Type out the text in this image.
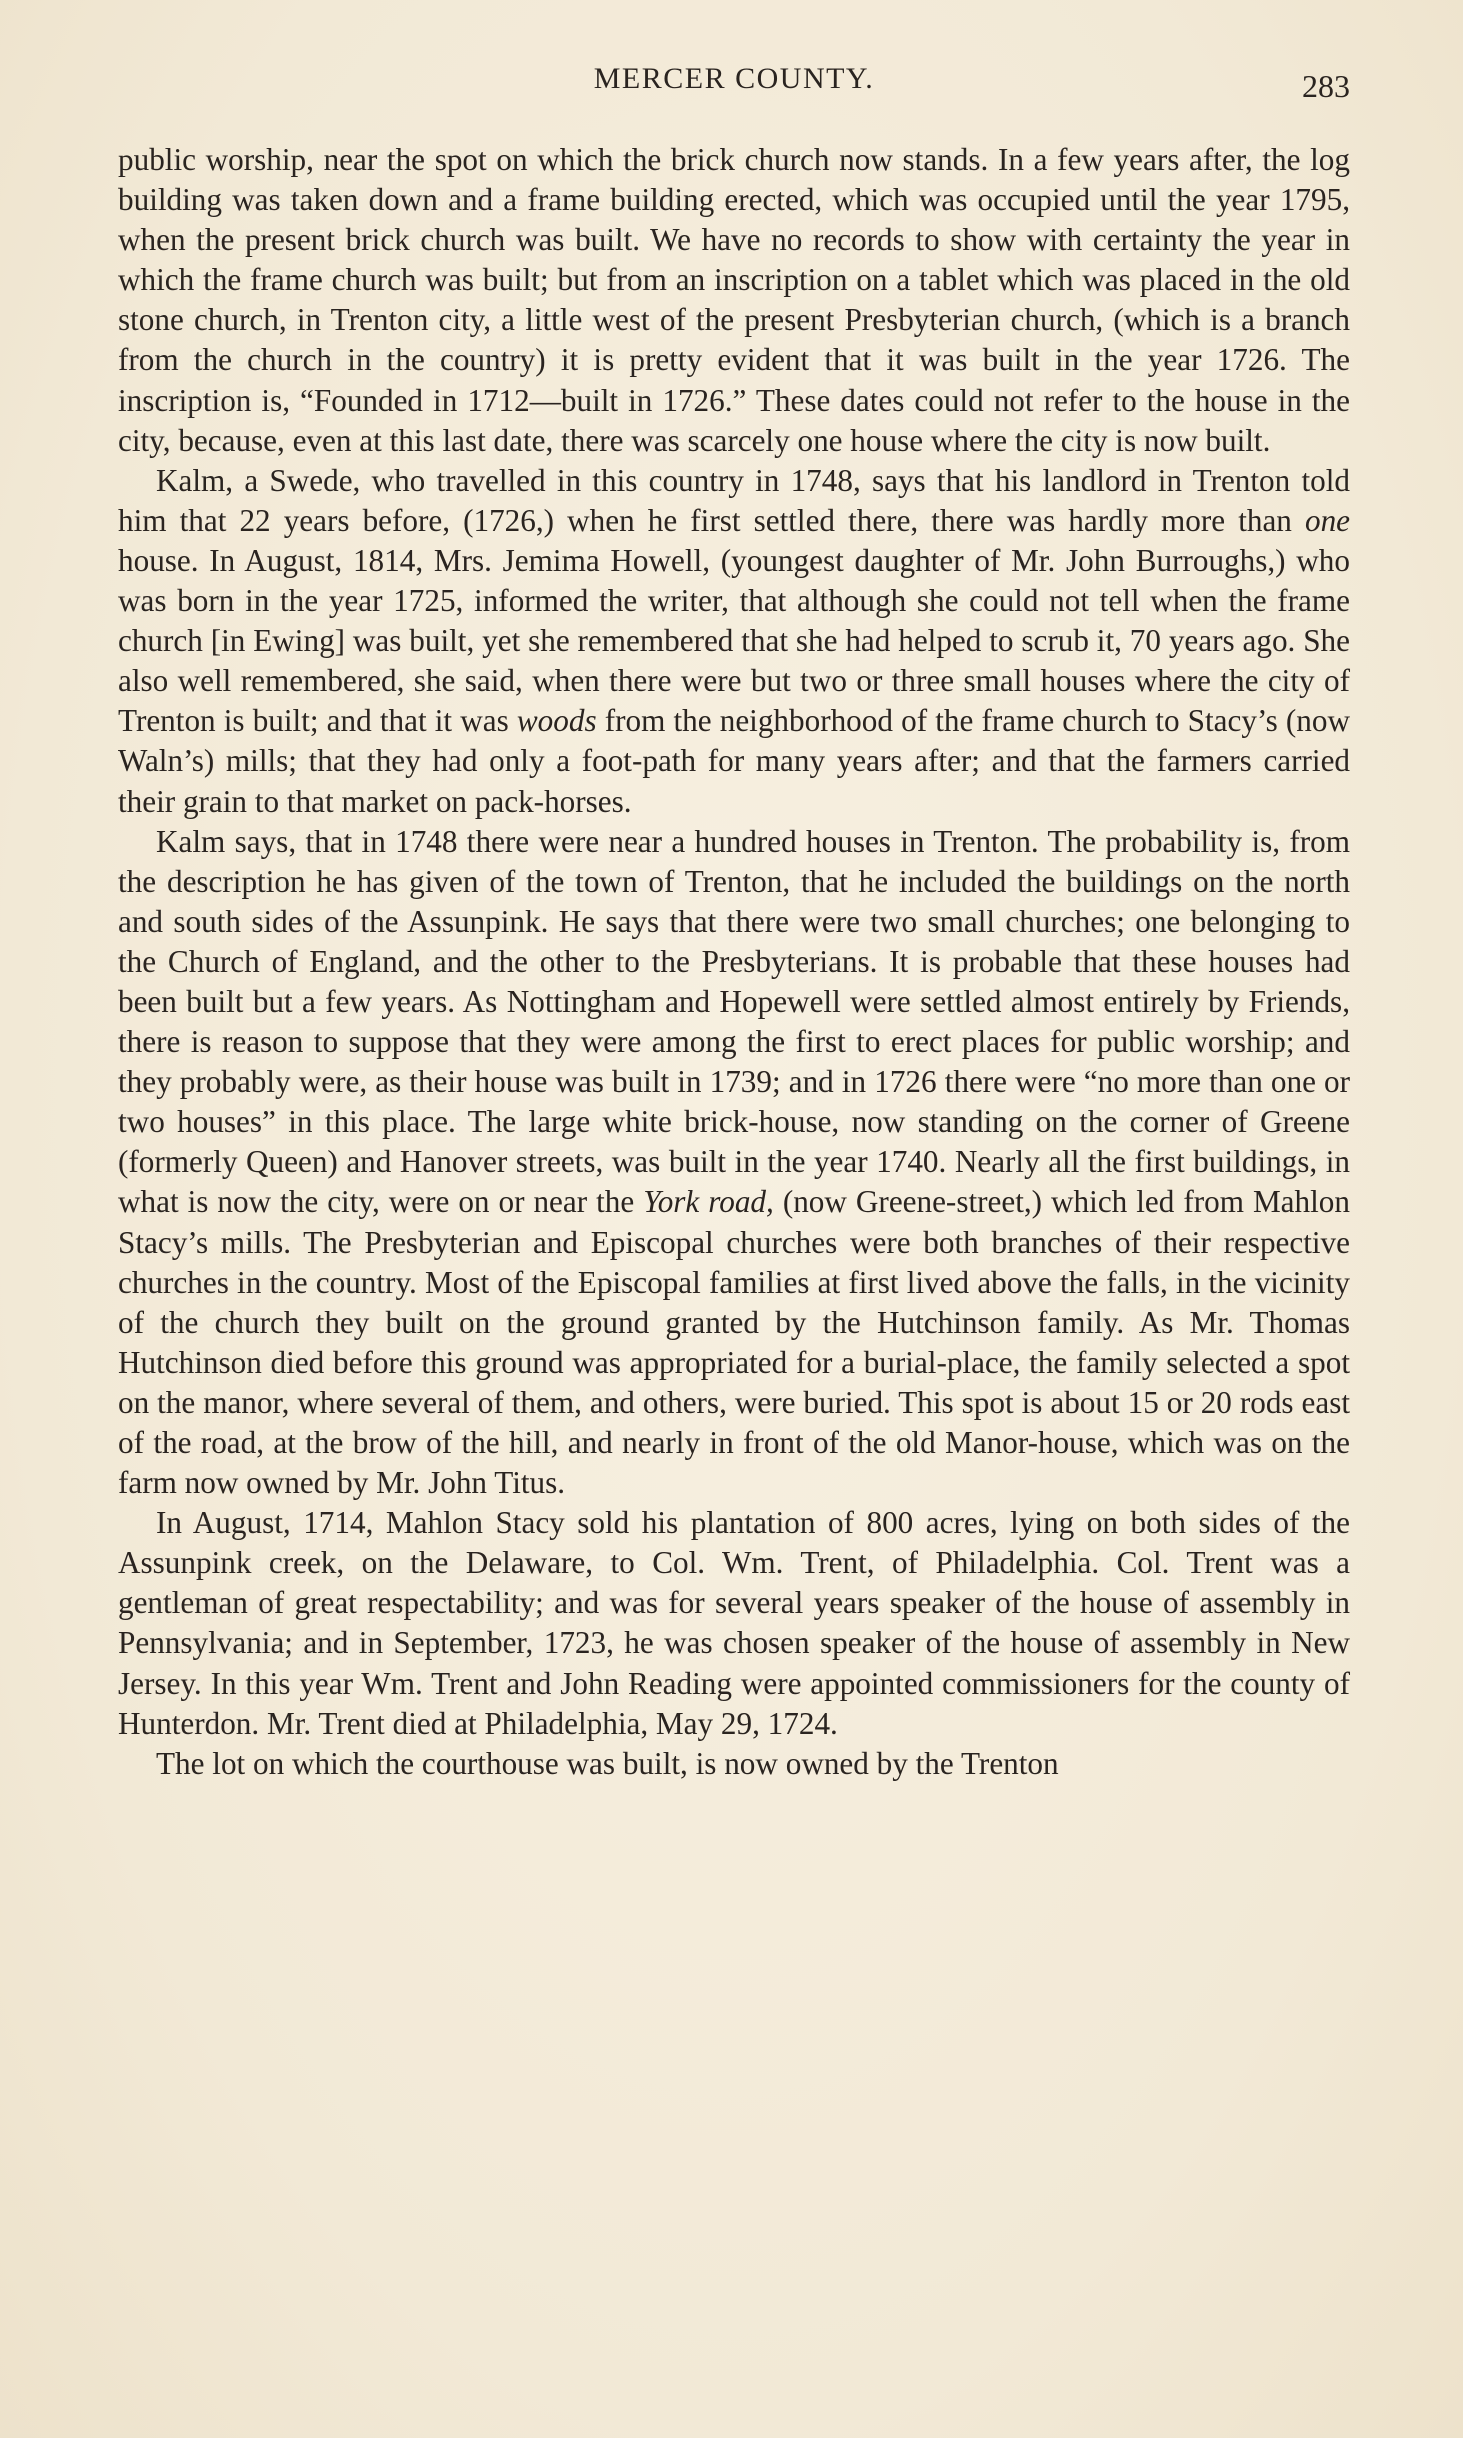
MERCER COUNTY.	283

public worship, near the spot on which the brick church now stands. In a few years after, the log building was taken down and a frame building erected, which was occupied until the year 1795, when the present brick church was built. We have no records to show with certainty the year in which the frame church was built; but from an inscription on a tablet which was placed in the old stone church, in Trenton city, a little west of the present Presbyterian church, (which is a branch from the church in the country) it is pretty evident that it was built in the year 1726. The inscription is, “Founded in 1712—built in 1726.” These dates could not refer to the house in the city, because, even at this last date, there was scarcely one house where the city is now built.

Kalm, a Swede, who travelled in this country in 1748, says that his landlord in Trenton told him that 22 years before, (1726,) when he first settled there, there was hardly more than one house. In August, 1814, Mrs. Jemima Howell, (youngest daughter of Mr. John Burroughs,) who was born in the year 1725, informed the writer, that although she could not tell when the frame church [in Ewing] was built, yet she remembered that she had helped to scrub it, 70 years ago. She also well remembered, she said, when there were but two or three small houses where the city of Trenton is built; and that it was woods from the neighborhood of the frame church to Stacy’s (now Waln’s) mills; that they had only a foot-path for many years after; and that the farmers carried their grain to that market on pack-horses.

Kalm says, that in 1748 there were near a hundred houses in Trenton. The probability is, from the description he has given of the town of Trenton, that he included the buildings on the north and south sides of the Assunpink. He says that there were two small churches; one belonging to the Church of England, and the other to the Presbyterians. It is probable that these houses had been built but a few years. As Nottingham and Hopewell were settled almost entirely by Friends, there is reason to suppose that they were among the first to erect places for public worship; and they probably were, as their house was built in 1739; and in 1726 there were “no more than one or two houses” in this place. The large white brick-house, now standing on the corner of Greene (formerly Queen) and Hanover streets, was built in the year 1740. Nearly all the first buildings, in what is now the city, were on or near the York road, (now Greene-street,) which led from Mahlon Stacy’s mills. The Presbyterian and Episcopal churches were both branches of their respective churches in the country. Most of the Episcopal families at first lived above the falls, in the vicinity of the church they built on the ground granted by the Hutchinson family. As Mr. Thomas Hutchinson died before this ground was appropriated for a burial-place, the family selected a spot on the manor, where several of them, and others, were buried. This spot is about 15 or 20 rods east of the road, at the brow of the hill, and nearly in front of the old Manor-house, which was on the farm now owned by Mr. John Titus.

In August, 1714, Mahlon Stacy sold his plantation of 800 acres, lying on both sides of the Assunpink creek, on the Delaware, to Col. Wm. Trent, of Philadelphia. Col. Trent was a gentleman of great respectability; and was for several years speaker of the house of assembly in Pennsylvania; and in September, 1723, he was chosen speaker of the house of assembly in New Jersey. In this year Wm. Trent and John Reading were appointed commissioners for the county of Hunterdon. Mr. Trent died at Philadelphia, May 29, 1724.

The lot on which the courthouse was built, is now owned by the Trenton
